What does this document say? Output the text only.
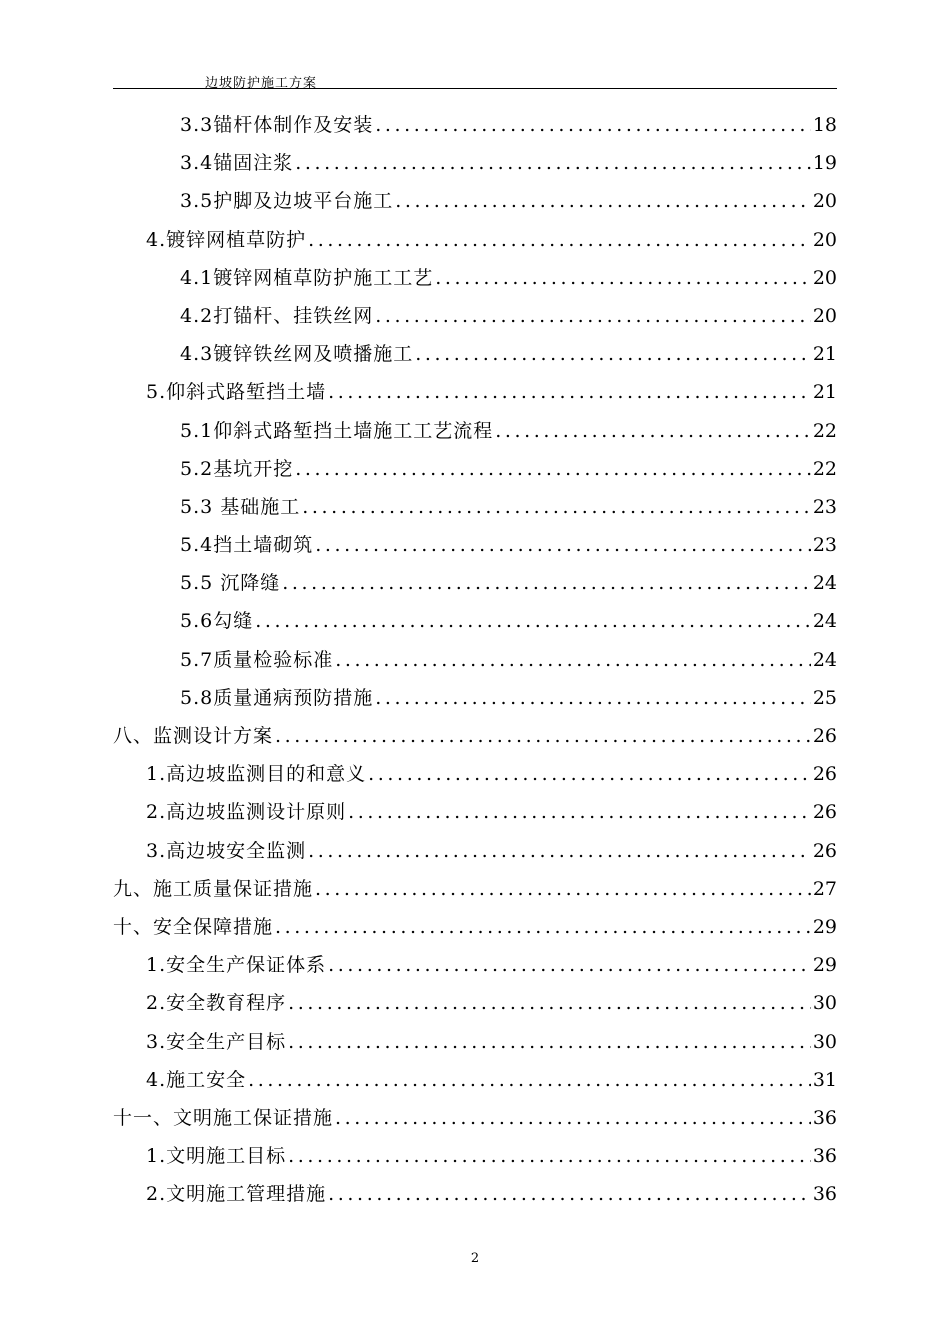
边坡防护施工方案
3.3锚杆体制作及安装 .....	18
3.4锚固注浆 .....	19
3.5护脚及边坡平台施工 .....	20
4.镀锌网植草防护 .....	20
4.1镀锌网植草防护施工工艺 .....	20
4.2打锚杆、挂铁丝网 .....	20
4.3镀锌铁丝网及喷播施工 .....	21
5.仰斜式路堑挡土墙 .....	21
5.1仰斜式路堑挡土墙施工工艺流程 .....	22
5.2基坑开挖 .....	22
5.3 基础施工 .....	23
5.4挡土墙砌筑 .....	23
5.5 沉降缝 .....	24
5.6勾缝 .....	24
5.7质量检验标准 .....	24
5.8质量通病预防措施 .....	25
八、监测设计方案 .....	26
1.高边坡监测目的和意义 .....	26
2.高边坡监测设计原则 .....	26
3.高边坡安全监测 .....	26
九、施工质量保证措施 .....	27
十、安全保障措施 .....	29
1.安全生产保证体系 .....	29
2.安全教育程序 .....	30
3.安全生产目标 .....	30
4.施工安全 .....	31
十一、文明施工保证措施 .....	36
1.文明施工目标 .....	36
2.文明施工管理措施 .....	36
2
